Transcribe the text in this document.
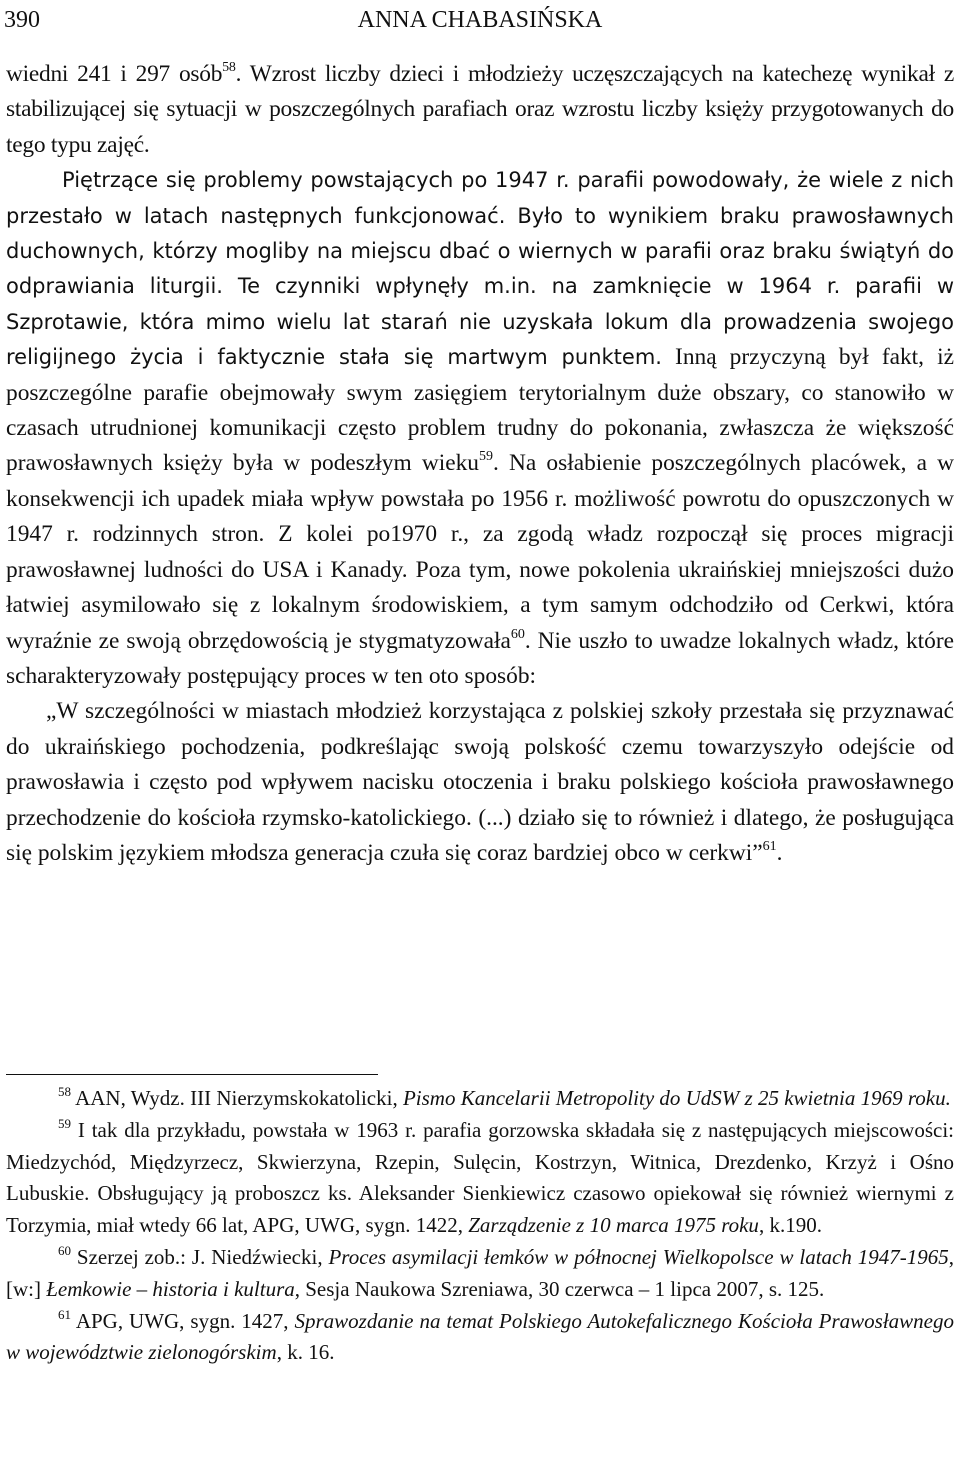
390	ANNA CHABASIŃSKA

wiedni 241 i 297 osób$^{58}$. Wzrost liczby dzieci i młodzieży uczęszczających na katechezę wynikał z stabilizującej się sytuacji w poszczególnych parafiach oraz wzrostu liczby księży przygotowanych do tego typu zajęć.

Piętrzące się problemy powstających po 1947 r. parafii powodowały, że wiele z nich przestało w latach następnych funkcjonować. Było to wynikiem braku prawosławnych duchownych, którzy mogliby na miejscu dbać o wiernych w parafii oraz braku świątyń do odprawiania liturgii. Te czynniki wpłynęły m.in. na zamknięcie w 1964 r. parafii w Szprotawie, która mimo wielu lat starań nie uzyskała lokum dla prowadzenia swojego religijnego życia i faktycznie stała się martwym punktem. Inną przyczyną był fakt, iż poszczególne parafie obejmowały swym zasięgiem terytorialnym duże obszary, co stanowiło w czasach utrudnionej komunikacji często problem trudny do pokonania, zwłaszcza że większość prawosławnych księży była w podeszłym wieku$^{59}$. Na osłabienie poszczególnych placówek, a w konsekwencji ich upadek miała wpływ powstała po 1956 r. możliwość powrotu do opuszczonych w 1947 r. rodzinnych stron. Z kolei po1970 r., za zgodą władz rozpoczął się proces migracji prawosławnej ludności do USA i Kanady. Poza tym, nowe pokolenia ukraińskiej mniejszości dużo łatwiej asymilowało się z lokalnym środowiskiem, a tym samym odchodziło od Cerkwi, która wyraźnie ze swoją obrzędowością je stygmatyzowała$^{60}$. Nie uszło to uwadze lokalnych władz, które scharakteryzowały postępujący proces w ten oto sposób:

„W szczególności w miastach młodzież korzystająca z polskiej szkoły przestała się przyznawać do ukraińskiego pochodzenia, podkreślając swoją polskość czemu towarzyszyło odejście od prawosławia i często pod wpływem nacisku otoczenia i braku polskiego kościoła prawosławnego przechodzenie do kościoła rzymsko-katolickiego. (...) działo się to również i dlatego, że posługująca się polskim językiem młodsza generacja czuła się coraz bardziej obco w cerkwi”$^{61}$.

$^{58}$ AAN, Wydz. III Nierzymskokatolicki, Pismo Kancelarii Metropolity do UdSW z 25 kwietnia 1969 roku.

$^{59}$ I tak dla przykładu, powstała w 1963 r. parafia gorzowska składała się z następujących miejscowości: Miedzychód, Międzyrzecz, Skwierzyna, Rzepin, Sulęcin, Kostrzyn, Witnica, Drezdenko, Krzyż i Ośno Lubuskie. Obsługujący ją proboszcz ks. Aleksander Sienkiewicz czasowo opiekował się również wiernymi z Torzymia, miał wtedy 66 lat, APG, UWG, sygn. 1422, Zarządzenie z 10 marca 1975 roku, k.190.

$^{60}$ Szerzej zob.: J. Niedźwiecki, Proces asymilacji łemków w północnej Wielkopolsce w latach 1947-1965, [w:] Łemkowie – historia i kultura, Sesja Naukowa Szreniawa, 30 czerwca – 1 lipca 2007, s. 125.

$^{61}$ APG, UWG, sygn. 1427, Sprawozdanie na temat Polskiego Autokefalicznego Kościoła Prawosławnego w województwie zielonogórskim, k. 16.
